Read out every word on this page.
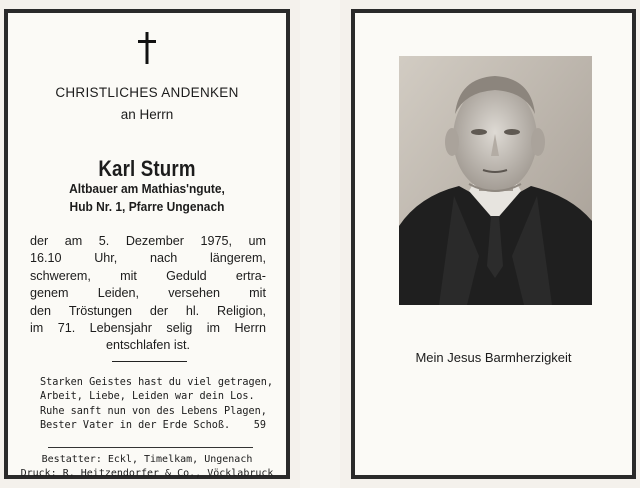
CHRISTLICHES ANDENKEN
an Herrn
Karl Sturm
Altbauer am Mathias'ngute,
Hub Nr. 1, Pfarre Ungenach
der am 5. Dezember 1975, um
16.10	Uhr,	nach	längerem,
schwerem, mit Geduld ertra-
genem Leiden, versehen mit
den Tröstungen der hl. Religion,
im 71. Lebensjahr selig im Herrn
entschlafen ist.
Starken Geistes hast du viel getragen,
Arbeit, Liebe, Leiden war dein Los.
Ruhe sanft nun von des Lebens Plagen,
Bester Vater in der Erde Schoß. 59
Bestatter: Eckl, Timelkam, Ungenach
Druck: R. Heitzendorfer & Co., Vöcklabruck
Mein Jesus Barmherzigkeit
